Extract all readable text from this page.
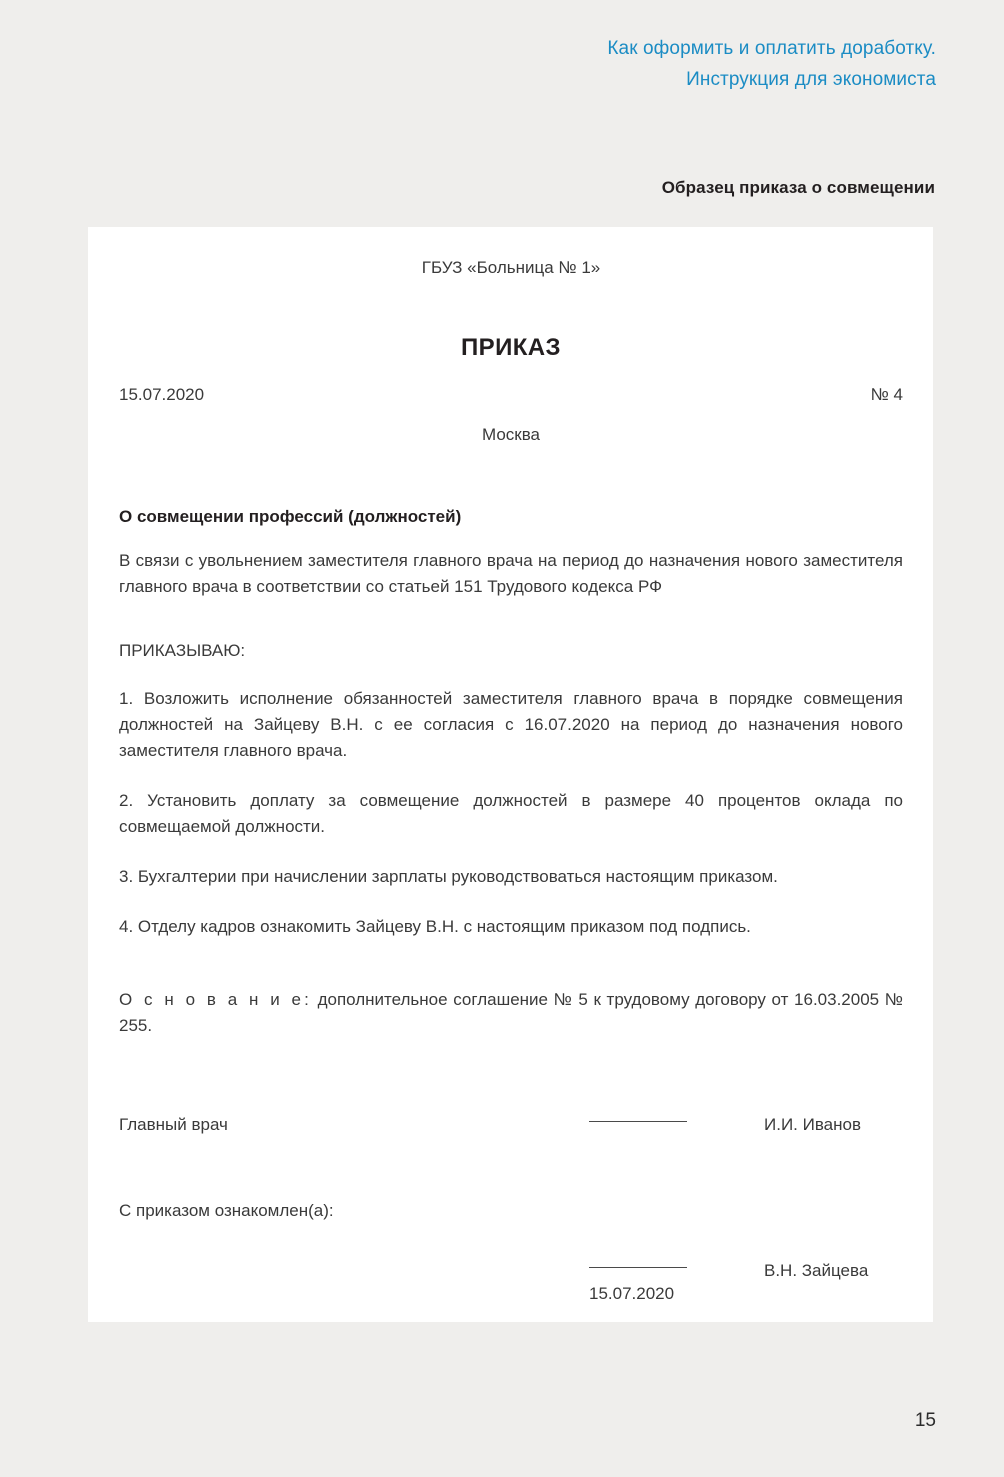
Как оформить и оплатить доработку.
Инструкция для экономиста
Образец приказа о совмещении
ГБУЗ «Больница № 1»
ПРИКАЗ
15.07.2020	№ 4
Москва
О совмещении профессий (должностей)
В связи с увольнением заместителя главного врача на период до назначения нового заместителя главного врача в соответствии со статьей 151 Трудового кодекса РФ
ПРИКАЗЫВАЮ:
1. Возложить исполнение обязанностей заместителя главного врача в порядке совмещения должностей на Зайцеву В.Н. с ее согласия с 16.07.2020 на период до назначения нового заместителя главного врача.
2. Установить доплату за совмещение должностей в размере 40 процентов оклада по совмещаемой должности.
3. Бухгалтерии при начислении зарплаты руководствоваться настоящим приказом.
4. Отделу кадров ознакомить Зайцеву В.Н. с настоящим приказом под подпись.
О с н о в а н и е: дополнительное соглашение № 5 к трудовому договору от 16.03.2005 № 255.
Главный врач	И.И. Иванов
С приказом ознакомлен(а):
В.Н. Зайцева
15.07.2020
15
